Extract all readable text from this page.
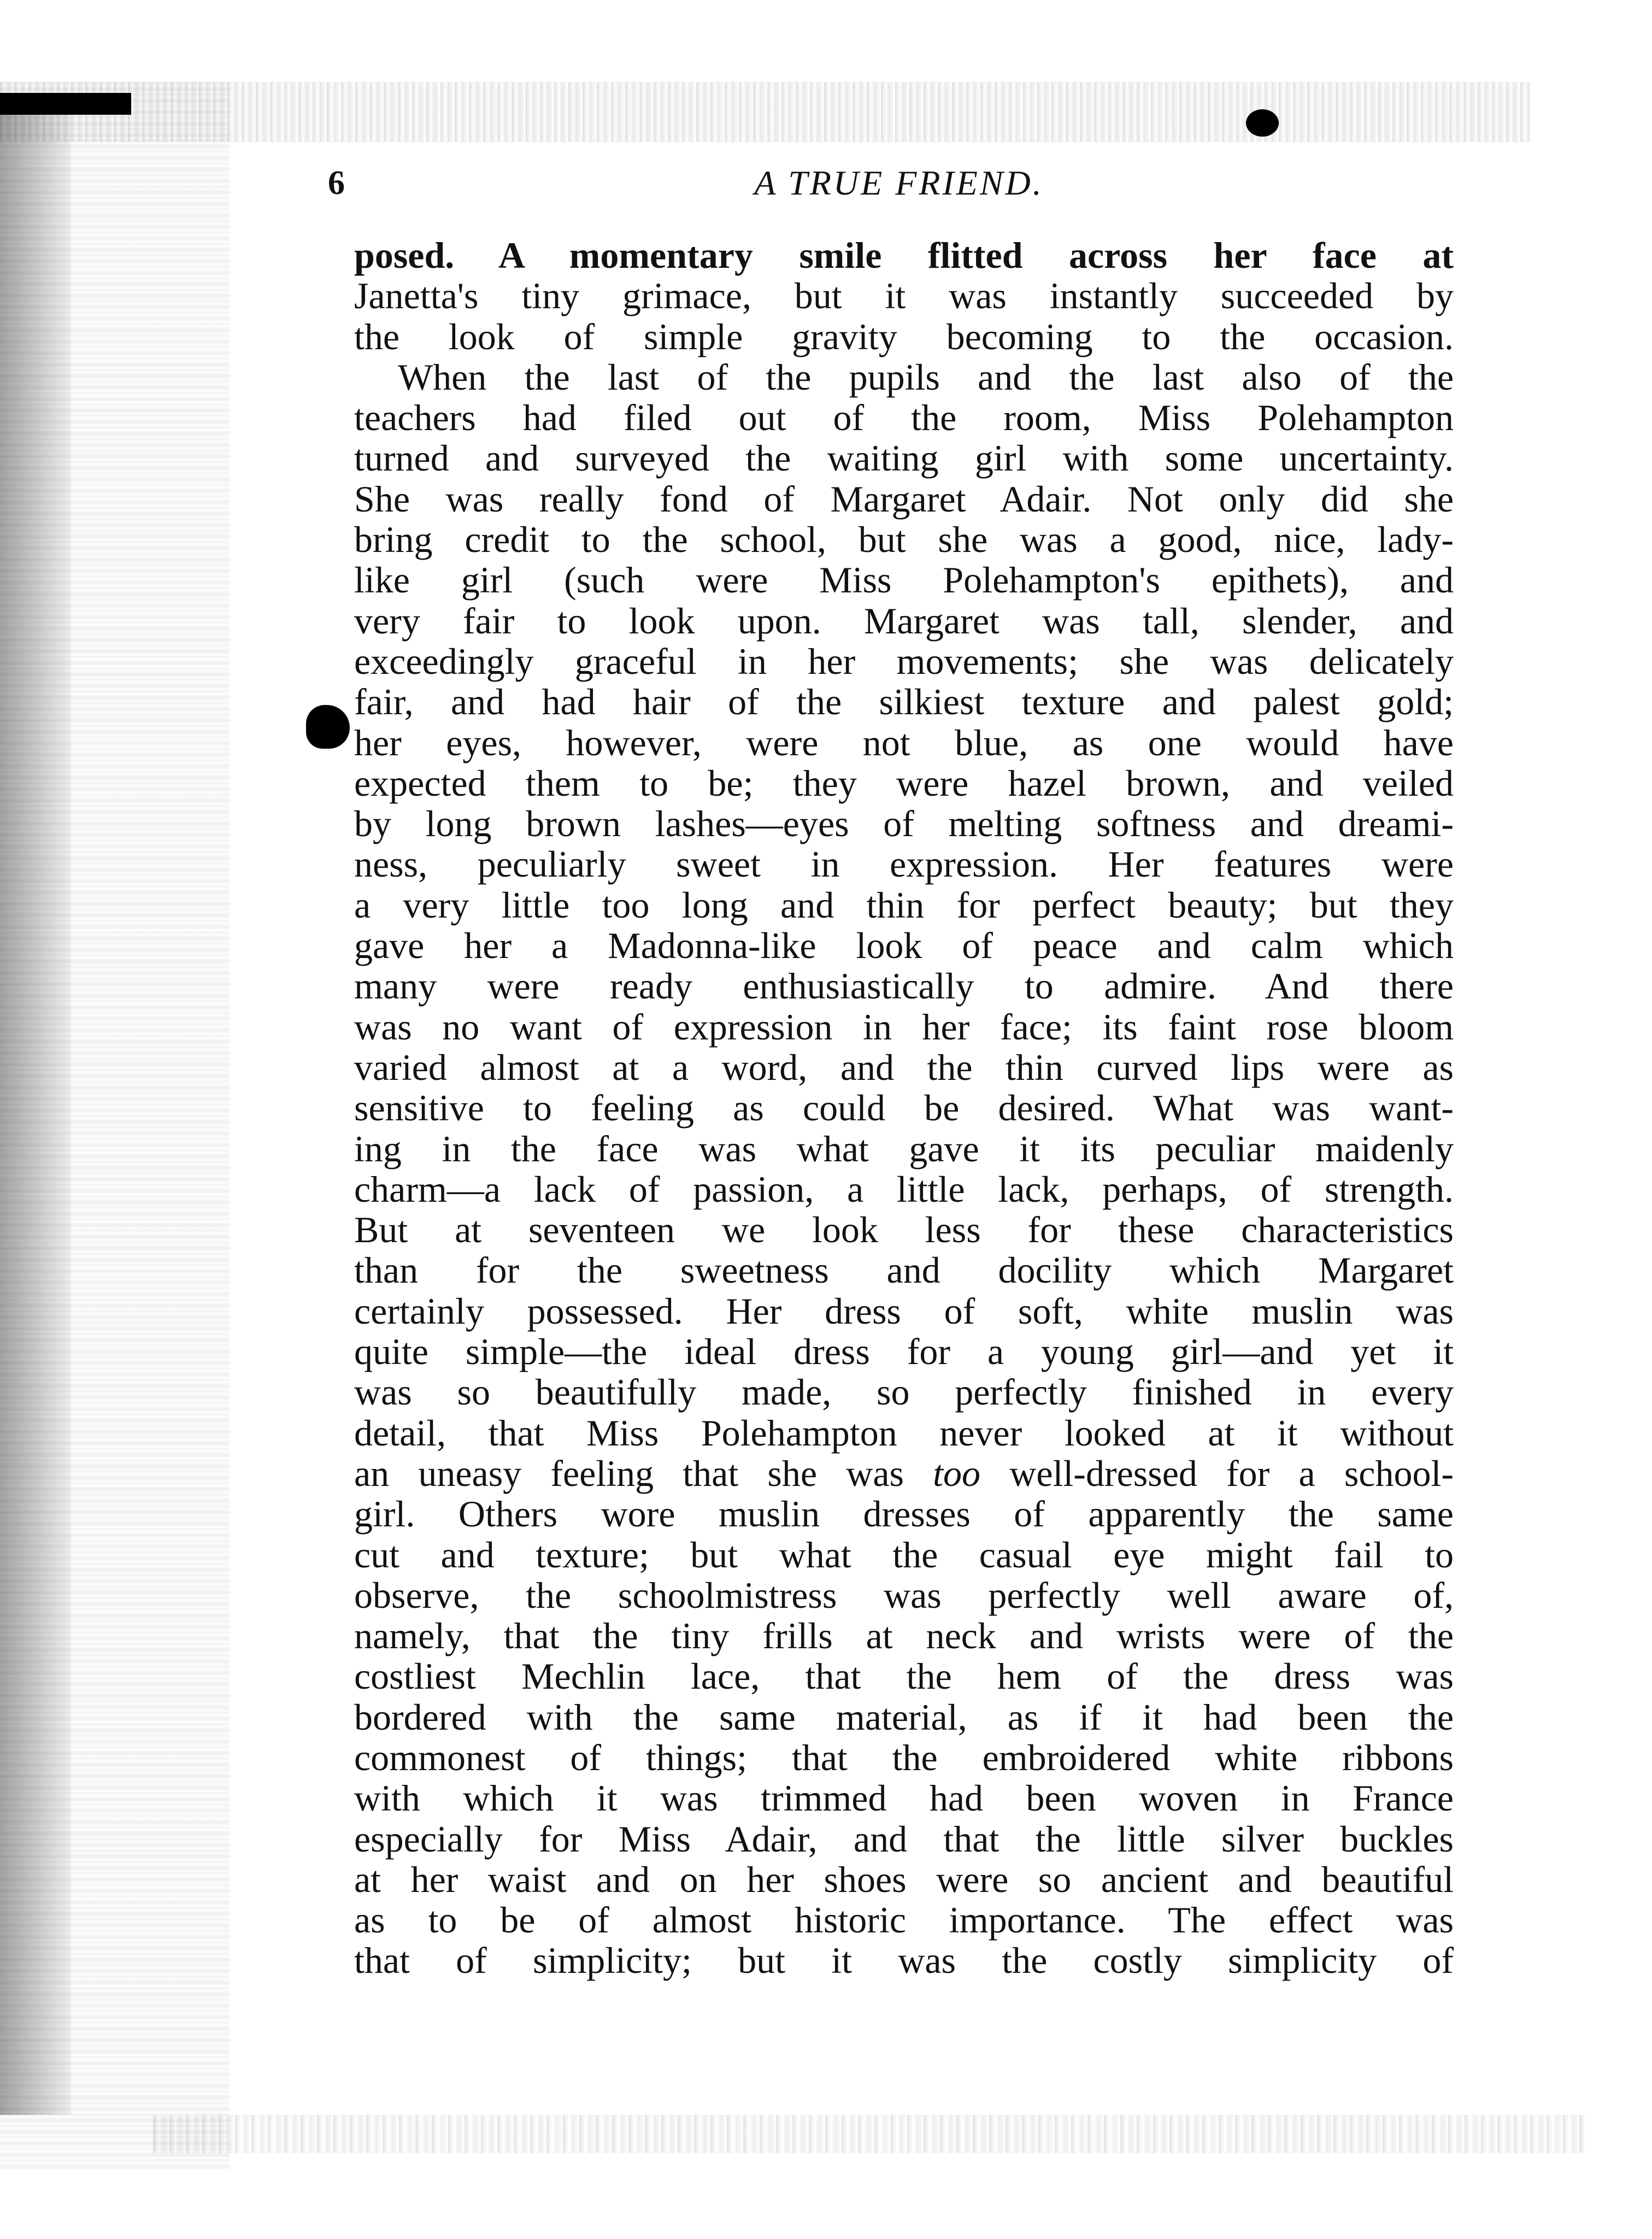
6	A TRUE FRIEND.
posed. A momentary smile flitted across her face at
Janetta's tiny grimace, but it was instantly succeeded by
the look of simple gravity becoming to the occasion.
When the last of the pupils and the last also of the
teachers had filed out of the room, Miss Polehampton
turned and surveyed the waiting girl with some uncertainty.
She was really fond of Margaret Adair. Not only did she
bring credit to the school, but she was a good, nice, lady-
like girl (such were Miss Polehampton's epithets), and
very fair to look upon. Margaret was tall, slender, and
exceedingly graceful in her movements; she was delicately
fair, and had hair of the silkiest texture and palest gold;
her eyes, however, were not blue, as one would have
expected them to be; they were hazel brown, and veiled
by long brown lashes—eyes of melting softness and dreami-
ness, peculiarly sweet in expression. Her features were
a very little too long and thin for perfect beauty; but they
gave her a Madonna-like look of peace and calm which
many were ready enthusiastically to admire. And there
was no want of expression in her face; its faint rose bloom
varied almost at a word, and the thin curved lips were as
sensitive to feeling as could be desired. What was want-
ing in the face was what gave it its peculiar maidenly
charm—a lack of passion, a little lack, perhaps, of strength.
But at seventeen we look less for these characteristics
than for the sweetness and docility which Margaret
certainly possessed. Her dress of soft, white muslin was
quite simple—the ideal dress for a young girl—and yet it
was so beautifully made, so perfectly finished in every
detail, that Miss Polehampton never looked at it without
an uneasy feeling that she was too well-dressed for a school-
girl. Others wore muslin dresses of apparently the same
cut and texture; but what the casual eye might fail to
observe, the schoolmistress was perfectly well aware of,
namely, that the tiny frills at neck and wrists were of the
costliest Mechlin lace, that the hem of the dress was
bordered with the same material, as if it had been the
commonest of things; that the embroidered white ribbons
with which it was trimmed had been woven in France
especially for Miss Adair, and that the little silver buckles
at her waist and on her shoes were so ancient and beautiful
as to be of almost historic importance. The effect was
that of simplicity; but it was the costly simplicity of
